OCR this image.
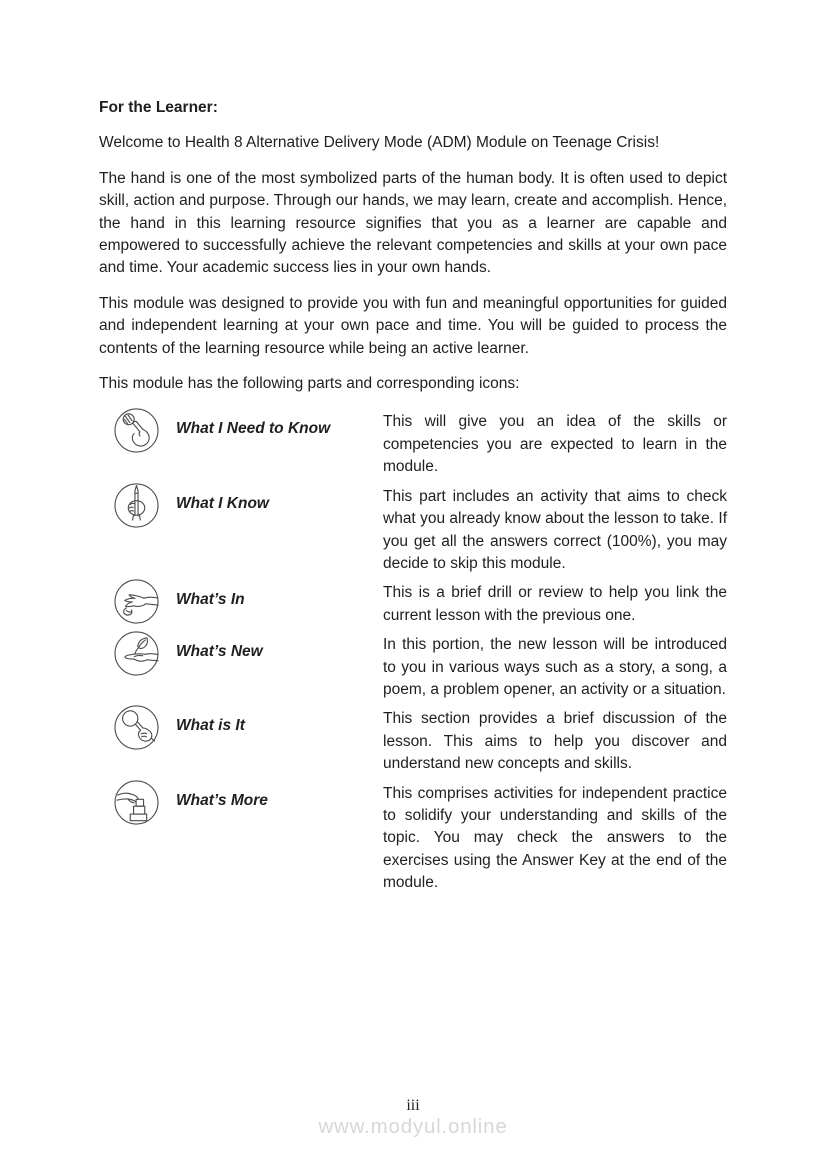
For the Learner:

Welcome to Health 8 Alternative Delivery Mode (ADM) Module on Teenage Crisis!

The hand is one of the most symbolized parts of the human body. It is often used to depict skill, action and purpose. Through our hands, we may learn, create and accomplish. Hence, the hand in this learning resource signifies that you as a learner are capable and empowered to successfully achieve the relevant competencies and skills at your own pace and time. Your academic success lies in your own hands.

This module was designed to provide you with fun and meaningful opportunities for guided and independent learning at your own pace and time. You will be guided to process the contents of the learning resource while being an active learner.

This module has the following parts and corresponding icons:

What I Need to Know	This will give you an idea of the skills or competencies you are expected to learn in the module.
What I Know	This part includes an activity that aims to check what you already know about the lesson to take. If you get all the answers correct (100%), you may decide to skip this module.
What’s In	This is a brief drill or review to help you link the current lesson with the previous one.
What’s New	In this portion, the new lesson will be introduced to you in various ways such as a story, a song, a poem, a problem opener, an activity or a situation.
What is It	This section provides a brief discussion of the lesson. This aims to help you discover and understand new concepts and skills.
What’s More	This comprises activities for independent practice to solidify your understanding and skills of the topic. You may check the answers to the exercises using the Answer Key at the end of the module.
iii
www.modyul.online
